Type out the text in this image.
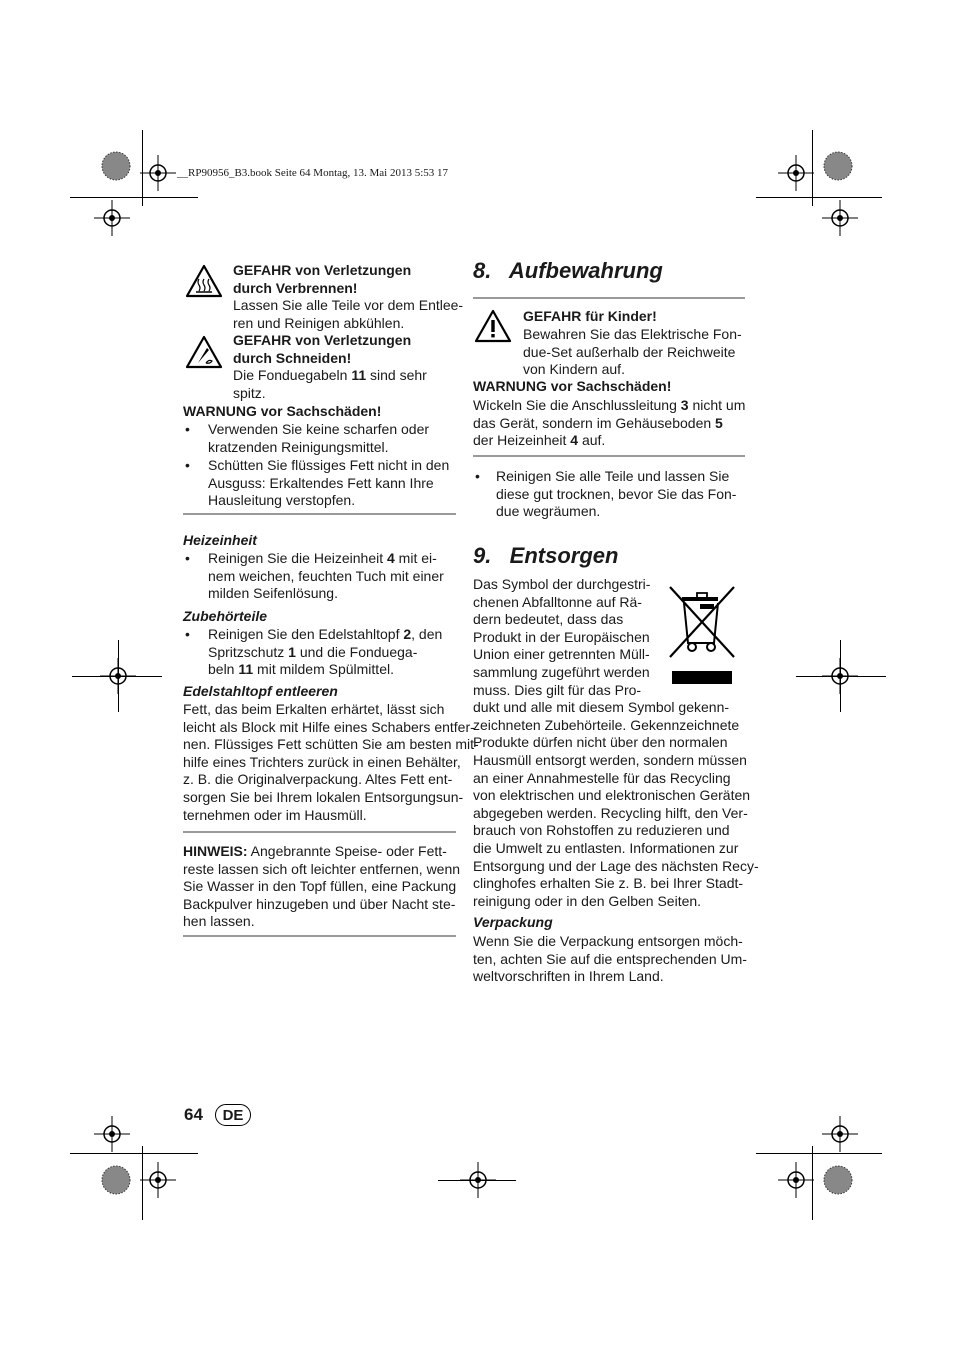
__RP90956_B3.book Seite 64 Montag, 13. Mai 2013 5:53 17
GEFAHR von Verletzungen
durch Verbrennen!
Lassen Sie alle Teile vor dem Entlee-
ren und Reinigen abkühlen.
GEFAHR von Verletzungen
durch Schneiden!
Die Fonduegabeln 11 sind sehr
spitz.
WARNUNG vor Sachschäden!
• Verwenden Sie keine scharfen oder
kratzenden Reinigungsmittel.
• Schütten Sie flüssiges Fett nicht in den
Ausguss: Erkaltendes Fett kann Ihre
Hausleitung verstopfen.
Heizeinheit
• Reinigen Sie die Heizeinheit 4 mit ei-
nem weichen, feuchten Tuch mit einer
milden Seifenlösung.
Zubehörteile
• Reinigen Sie den Edelstahltopf 2, den
Spritzschutz 1 und die Fonduega-
beln 11 mit mildem Spülmittel.
Edelstahltopf entleeren
Fett, das beim Erkalten erhärtet, lässt sich
leicht als Block mit Hilfe eines Schabers entfer-
nen. Flüssiges Fett schütten Sie am besten mit-
hilfe eines Trichters zurück in einen Behälter,
z. B. die Originalverpackung. Altes Fett ent-
sorgen Sie bei Ihrem lokalen Entsorgungsun-
ternehmen oder im Hausmüll.
HINWEIS: Angebrannte Speise- oder Fett-
reste lassen sich oft leichter entfernen, wenn
Sie Wasser in den Topf füllen, eine Packung
Backpulver hinzugeben und über Nacht ste-
hen lassen.
8.   Aufbewahrung
GEFAHR für Kinder!
Bewahren Sie das Elektrische Fon-
due-Set außerhalb der Reichweite
von Kindern auf.
WARNUNG vor Sachschäden!
Wickeln Sie die Anschlussleitung 3 nicht um
das Gerät, sondern im Gehäuseboden 5
der Heizeinheit 4 auf.
• Reinigen Sie alle Teile und lassen Sie
diese gut trocknen, bevor Sie das Fon-
due wegräumen.
9.   Entsorgen
Das Symbol der durchgestri-
chenen Abfalltonne auf Rä-
dern bedeutet, dass das
Produkt in der Europäischen
Union einer getrennten Müll-
sammlung zugeführt werden
muss. Dies gilt für das Pro-
dukt und alle mit diesem Symbol gekenn-
zeichneten Zubehörteile. Gekennzeichnete
Produkte dürfen nicht über den normalen
Hausmüll entsorgt werden, sondern müssen
an einer Annahmestelle für das Recycling
von elektrischen und elektronischen Geräten
abgegeben werden. Recycling hilft, den Ver-
brauch von Rohstoffen zu reduzieren und
die Umwelt zu entlasten. Informationen zur
Entsorgung und der Lage des nächsten Recy-
clinghofes erhalten Sie z. B. bei Ihrer Stadt-
reinigung oder in den Gelben Seiten.
Verpackung
Wenn Sie die Verpackung entsorgen möch-
ten, achten Sie auf die entsprechenden Um-
weltvorschriften in Ihrem Land.
64	DE
